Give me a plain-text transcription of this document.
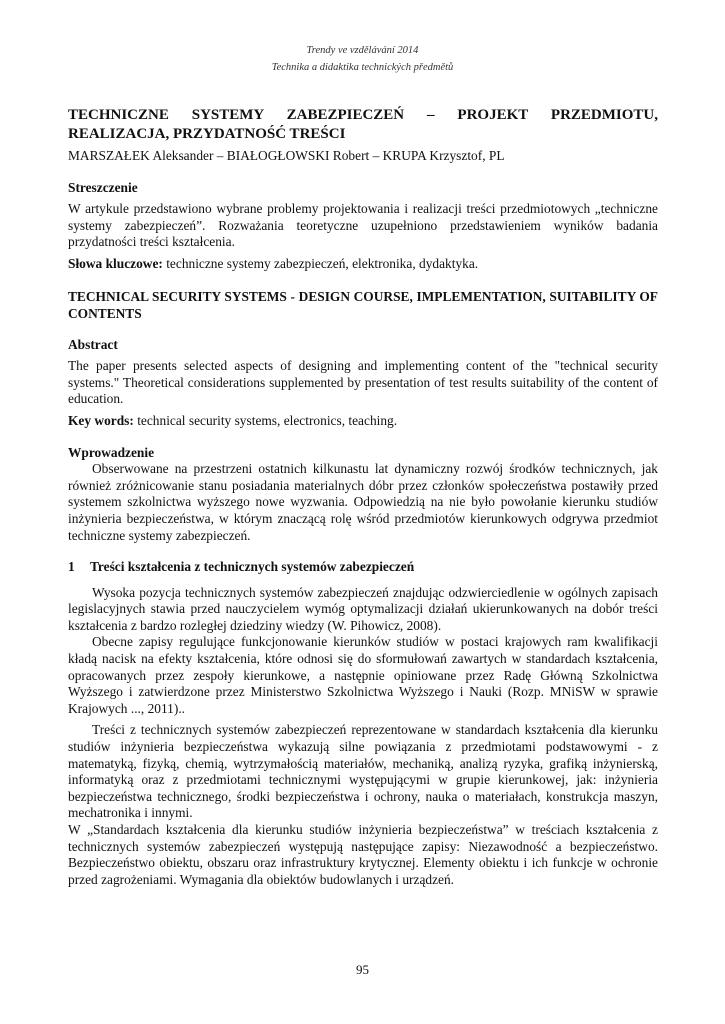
Trendy ve vzdělávání 2014
Technika a didaktika technických předmětů

TECHNICZNE SYSTEMY ZABEZPIECZEŃ – PROJEKT PRZEDMIOTU, REALIZACJA, PRZYDATNOŚĆ TREŚCI

MARSZAŁEK Aleksander – BIAŁOGŁOWSKI Robert – KRUPA Krzysztof, PL

Streszczenie

W artykule przedstawiono wybrane problemy projektowania i realizacji treści przedmiotowych „techniczne systemy zabezpieczeń”. Rozważania teoretyczne uzupełniono przedstawieniem wyników badania przydatności treści kształcenia.

Słowa kluczowe: techniczne systemy zabezpieczeń, elektronika, dydaktyka.

TECHNICAL SECURITY SYSTEMS - DESIGN COURSE, IMPLEMENTATION, SUITABILITY OF CONTENTS

Abstract

The paper presents selected aspects of designing and implementing content of the "technical security systems." Theoretical considerations supplemented by presentation of test results suitability of the content of education.

Key words: technical security systems, electronics, teaching.

Wprowadzenie

Obserwowane na przestrzeni ostatnich kilkunastu lat dynamiczny rozwój środków technicznych, jak również zróżnicowanie stanu posiadania materialnych dóbr przez członków społeczeństwa postawiły przed systemem szkolnictwa wyższego nowe wyzwania. Odpowiedzią na nie było powołanie kierunku studiów inżynieria bezpieczeństwa, w którym znaczącą rolę wśród przedmiotów kierunkowych odgrywa przedmiot techniczne systemy zabezpieczeń.

1 Treści kształcenia z technicznych systemów zabezpieczeń

Wysoka pozycja technicznych systemów zabezpieczeń znajdując odzwierciedlenie w ogólnych zapisach legislacyjnych stawia przed nauczycielem wymóg optymalizacji działań ukierunkowanych na dobór treści kształcenia z bardzo rozległej dziedziny wiedzy (W. Pihowicz, 2008).

Obecne zapisy regulujące funkcjonowanie kierunków studiów w postaci krajowych ram kwalifikacji kładą nacisk na efekty kształcenia, które odnosi się do sformułowań zawartych w standardach kształcenia, opracowanych przez zespoły kierunkowe, a następnie opiniowane przez Radę Główną Szkolnictwa Wyższego i zatwierdzone przez Ministerstwo Szkolnictwa Wyższego i Nauki (Rozp. MNiSW w sprawie Krajowych ..., 2011)..

Treści z technicznych systemów zabezpieczeń reprezentowane w standardach kształcenia dla kierunku studiów inżynieria bezpieczeństwa wykazują silne powiązania z przedmiotami podstawowymi - z matematyką, fizyką, chemią, wytrzymałością materiałów, mechaniką, analizą ryzyka, grafiką inżynierską, informatyką oraz z przedmiotami technicznymi występującymi w grupie kierunkowej, jak: inżynieria bezpieczeństwa technicznego, środki bezpieczeństwa i ochrony, nauka o materiałach, konstrukcja maszyn, mechatronika i innymi.

W „Standardach kształcenia dla kierunku studiów inżynieria bezpieczeństwa” w treściach kształcenia z technicznych systemów zabezpieczeń występują następujące zapisy: Niezawodność a bezpieczeństwo. Bezpieczeństwo obiektu, obszaru oraz infrastruktury krytycznej. Elementy obiektu i ich funkcje w ochronie przed zagrożeniami. Wymagania dla obiektów budowlanych i urządzeń.

95
